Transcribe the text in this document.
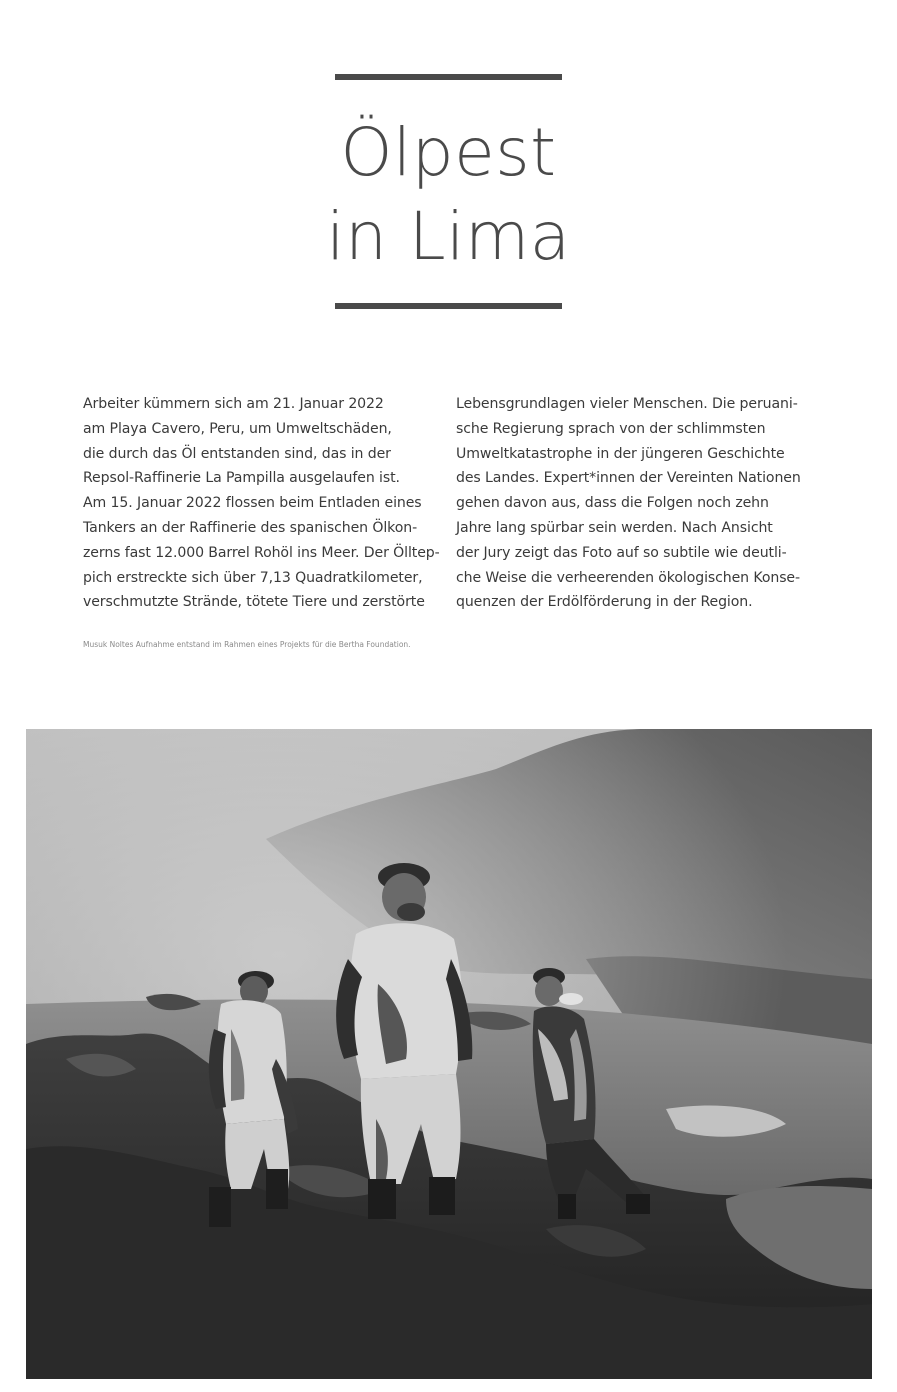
Ölpest
in Lima
Arbeiter kümmern sich am 21. Januar 2022
am Playa Cavero, Peru, um Umweltschäden,
die durch das Öl entstanden sind, das in der
Repsol-Raffinerie La Pampilla ausgelaufen ist.
Am 15. Januar 2022 flossen beim Entladen eines
Tankers an der Raffinerie des spanischen Ölkon-
zerns fast 12.000 Barrel Rohöl ins Meer. Der Ölltep-
pich erstreckte sich über 7,13 Quadratkilometer,
verschmutzte Strände, tötete Tiere und zerstörte
Lebensgrundlagen vieler Menschen. Die peruani-
sche Regierung sprach von der schlimmsten
Umweltkatastrophe in der jüngeren Geschichte
des Landes. Expert*innen der Vereinten Nationen
gehen davon aus, dass die Folgen noch zehn
Jahre lang spürbar sein werden. Nach Ansicht
der Jury zeigt das Foto auf so subtile wie deutli-
che Weise die verheerenden ökologischen Konse-
quenzen der Erdölförderung in der Region.
Musuk Noltes Aufnahme entstand im Rahmen eines Projekts für die Bertha Foundation.
